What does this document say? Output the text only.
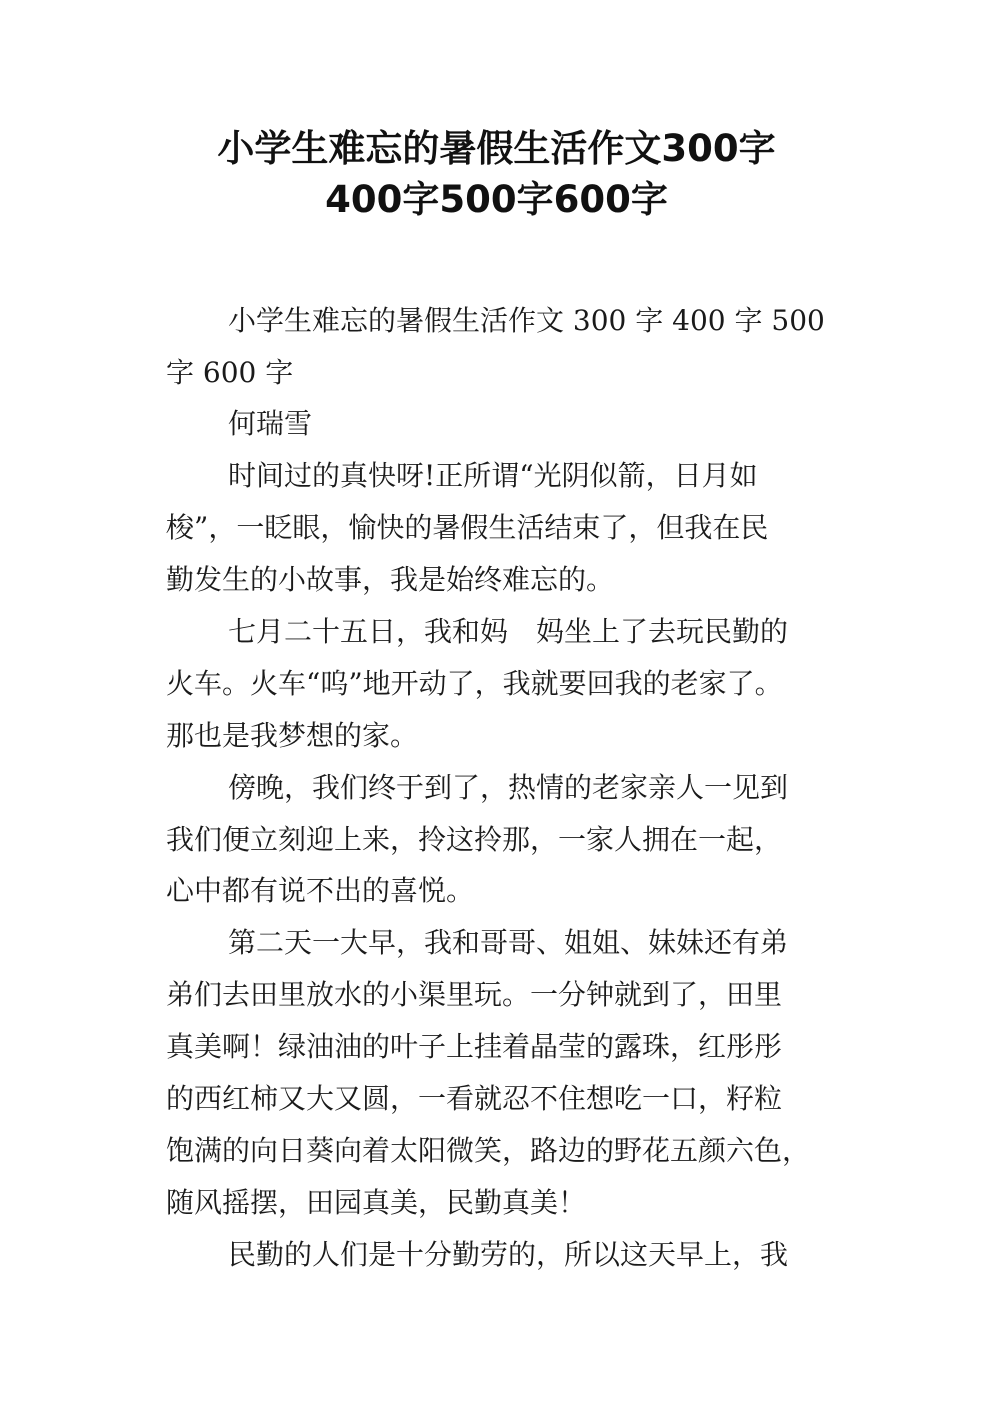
小学生难忘的暑假生活作文300字
400字500字600字
小学生难忘的暑假生活作文 300 字 400 字 500
字 600 字
何瑞雪
时间过的真快呀!正所谓“光阴似箭，日月如
梭”，一眨眼，愉快的暑假生活结束了，但我在民
勤发生的小故事，我是始终难忘的。
七月二十五日，我和妈　妈坐上了去玩民勤的
火车。火车“呜”地开动了，我就要回我的老家了。
那也是我梦想的家。
傍晚，我们终于到了，热情的老家亲人一见到
我们便立刻迎上来，拎这拎那，一家人拥在一起，
心中都有说不出的喜悦。
第二天一大早，我和哥哥、姐姐、妹妹还有弟
弟们去田里放水的小渠里玩。一分钟就到了，田里
真美啊！绿油油的叶子上挂着晶莹的露珠，红彤彤
的西红柿又大又圆，一看就忍不住想吃一口，籽粒
饱满的向日葵向着太阳微笑，路边的野花五颜六色，
随风摇摆，田园真美，民勤真美！
民勤的人们是十分勤劳的，所以这天早上，我
